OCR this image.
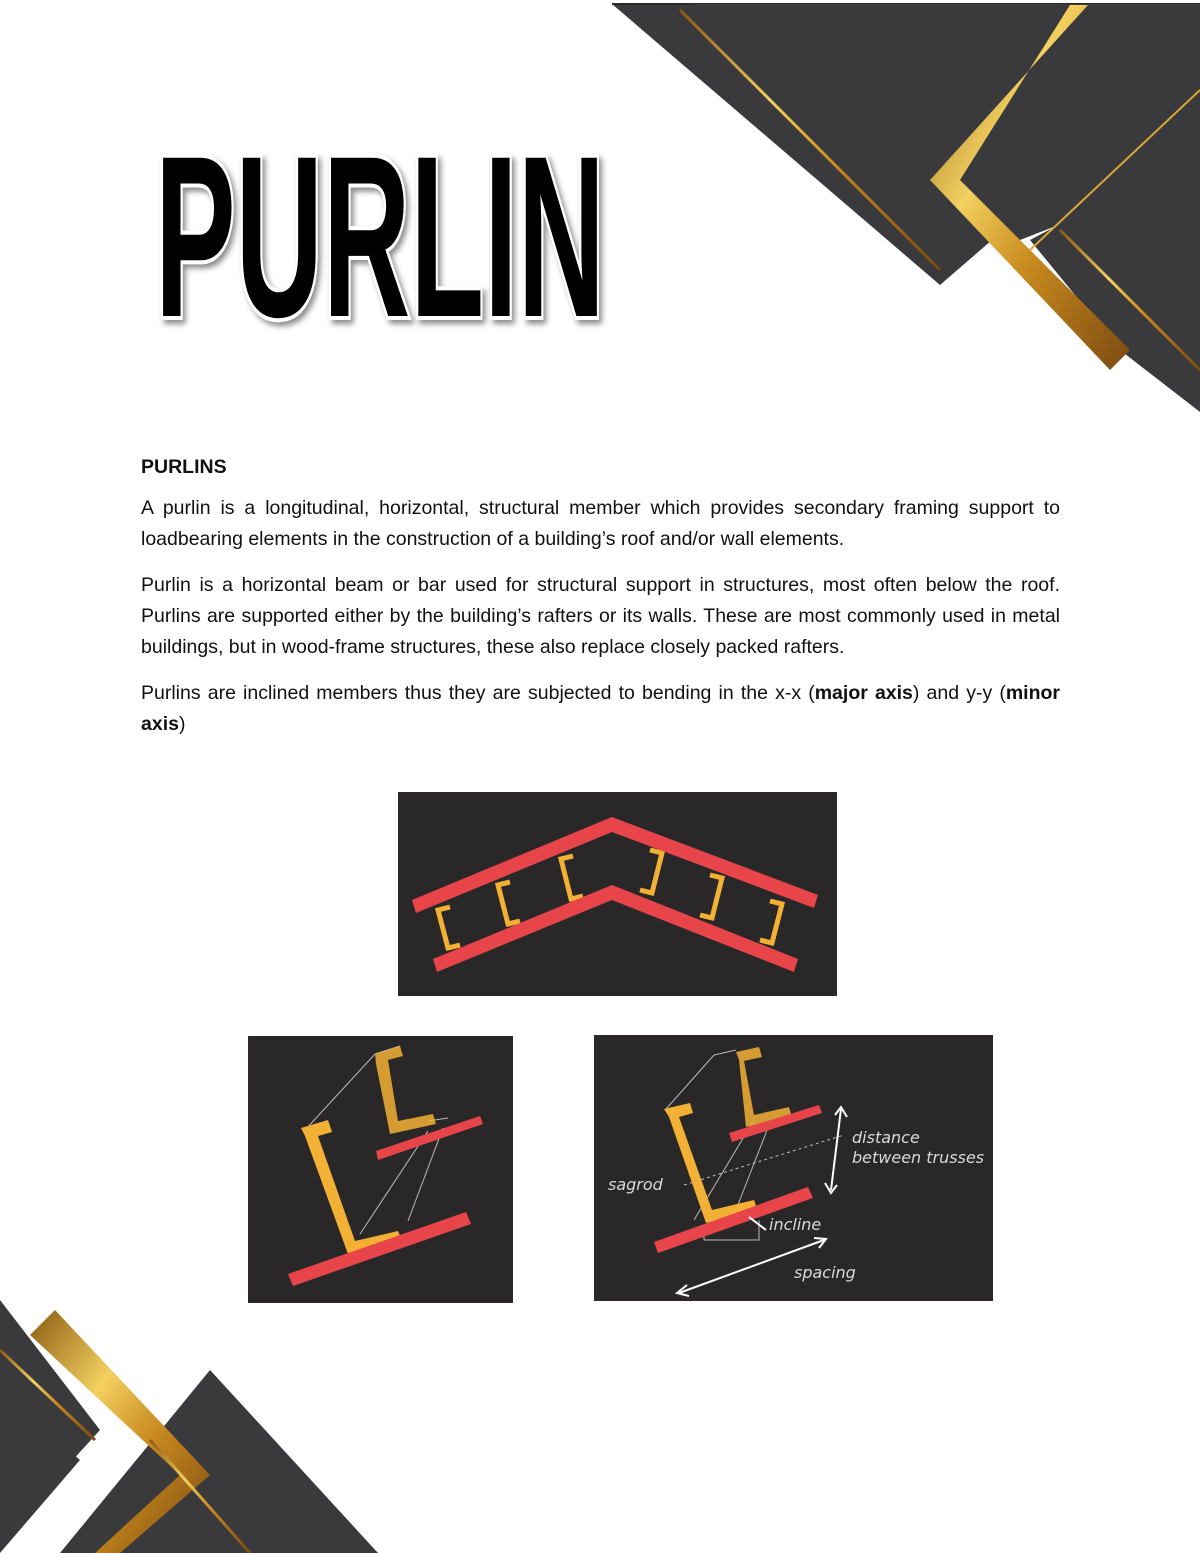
PURLIN
PURLINS

A purlin is a longitudinal, horizontal, structural member which provides secondary framing support to loadbearing elements in the construction of a building’s roof and/or wall elements.

Purlin is a horizontal beam or bar used for structural support in structures, most often below the roof. Purlins are supported either by the building’s rafters or its walls. These are most commonly used in metal buildings, but in wood-frame structures, these also replace closely packed rafters.

Purlins are inclined members thus they are subjected to bending in the x-x (major axis) and y-y (minor axis)

distance
between trusses
sagrod
incline
spacing
